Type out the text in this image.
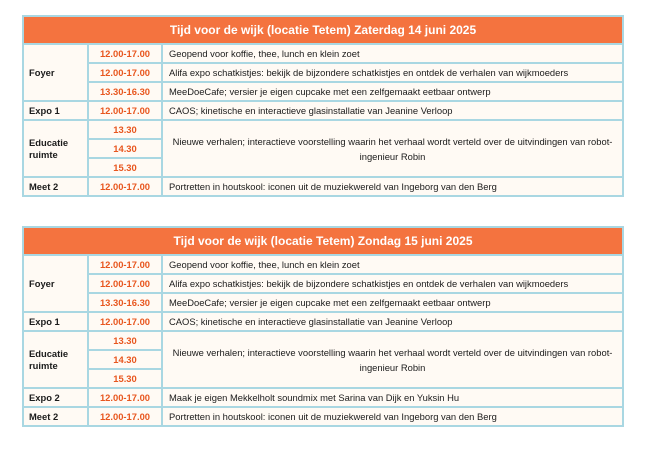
Tijd voor de wijk (locatie Tetem) Zaterdag 14 juni 2025		
Foyer	12.00-17.00	Geopend voor koffie, thee, lunch en klein zoet
	12.00-17.00	Alifa expo schatkistjes: bekijk de bijzondere schatkistjes en ontdek de verhalen van wijkmoeders
	13.30-16.30	MeeDoeCafe; versier je eigen cupcake met een zelfgemaakt eetbaar ontwerp
Expo 1	12.00-17.00	CAOS; kinetische en interactieve glasinstallatie van Jeanine Verloop
Educatie ruimte	13.30	Nieuwe verhalen; interactieve voorstelling waarin het verhaal wordt verteld over de uitvindingen van robot-ingenieur Robin
	14.30	
	15.30	
Meet 2	12.00-17.00	Portretten in houtskool: iconen uit de muziekwereld van Ingeborg van den Berg
Tijd voor de wijk (locatie Tetem) Zondag 15 juni 2025		
Foyer	12.00-17.00	Geopend voor koffie, thee, lunch en klein zoet
	12.00-17.00	Alifa expo schatkistjes: bekijk de bijzondere schatkistjes en ontdek de verhalen van wijkmoeders
	13.30-16.30	MeeDoeCafe; versier je eigen cupcake met een zelfgemaakt eetbaar ontwerp
Expo 1	12.00-17.00	CAOS; kinetische en interactieve glasinstallatie van Jeanine Verloop
Educatie ruimte	13.30	Nieuwe verhalen; interactieve voorstelling waarin het verhaal wordt verteld over de uitvindingen van robot-ingenieur Robin
	14.30	
	15.30	
Expo 2	12.00-17.00	Maak je eigen Mekkelholt soundmix met Sarina van Dijk en Yuksin Hu
Meet 2	12.00-17.00	Portretten in houtskool: iconen uit de muziekwereld van Ingeborg van den Berg
